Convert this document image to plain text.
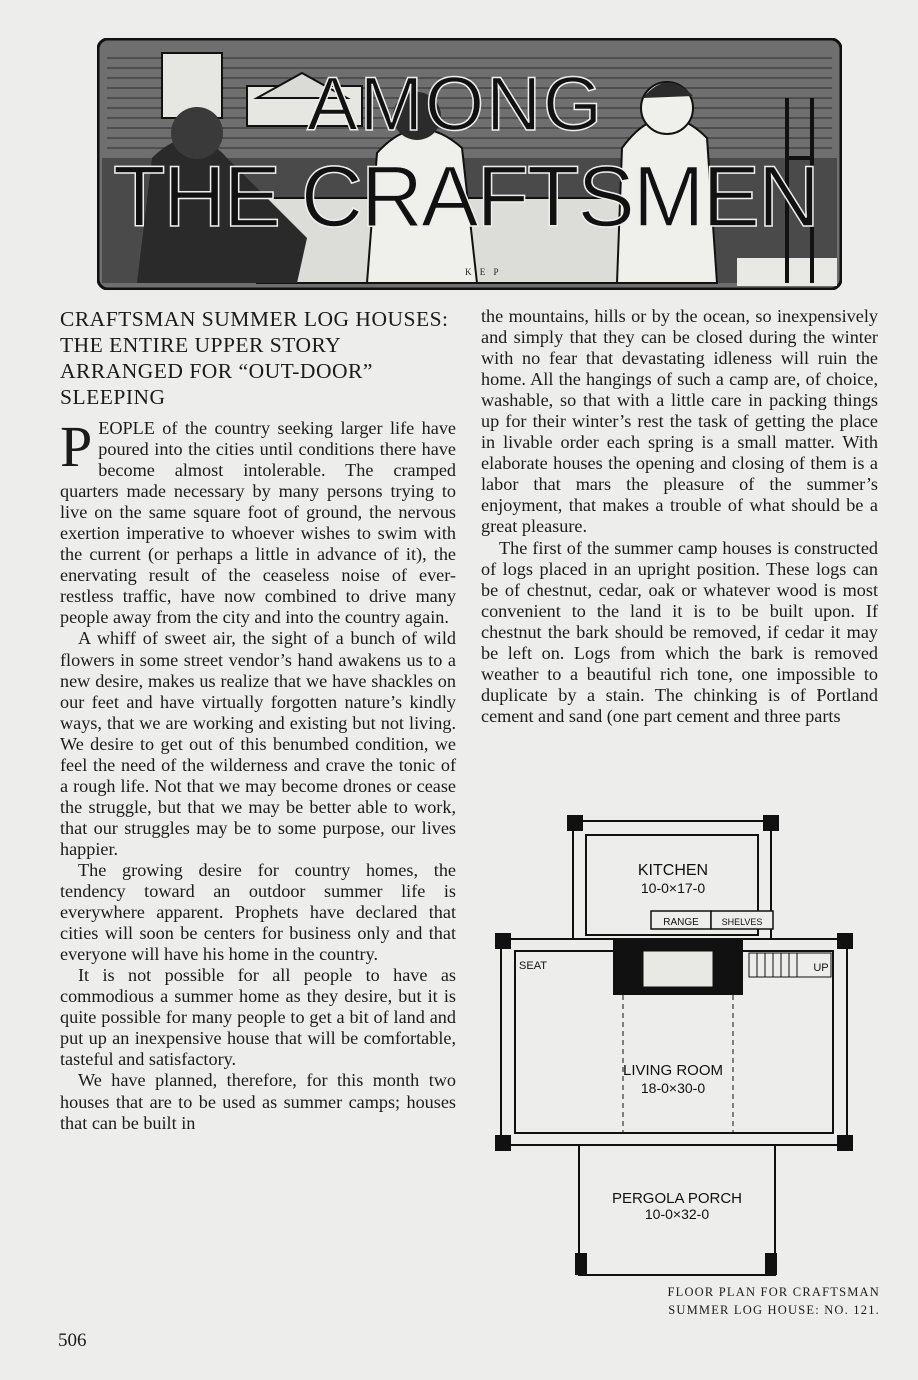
AMONG
THE CRAFTSMEN
K E P
CRAFTSMAN SUMMER LOG HOUSES: THE ENTIRE UPPER STORY ARRANGED FOR “OUT-DOOR” SLEEPING

PEOPLE of the country seeking larger life have poured into the cities until conditions there have become almost intolerable. The cramped quarters made necessary by many persons trying to live on the same square foot of ground, the nervous exertion imperative to whoever wishes to swim with the current (or perhaps a little in advance of it), the enervating result of the ceaseless noise of ever-restless traffic, have now combined to drive many people away from the city and into the country again.

A whiff of sweet air, the sight of a bunch of wild flowers in some street vendor’s hand awakens us to a new desire, makes us realize that we have shackles on our feet and have virtually forgotten nature’s kindly ways, that we are working and existing but not living. We desire to get out of this benumbed condition, we feel the need of the wilderness and crave the tonic of a rough life. Not that we may become drones or cease the struggle, but that we may be better able to work, that our struggles may be to some purpose, our lives happier.

The growing desire for country homes, the tendency toward an outdoor summer life is everywhere apparent. Prophets have declared that cities will soon be centers for business only and that everyone will have his home in the country.

It is not possible for all people to have as commodious a summer home as they desire, but it is quite possible for many people to get a bit of land and put up an inexpensive house that will be comfortable, tasteful and satisfactory.

We have planned, therefore, for this month two houses that are to be used as summer camps; houses that can be built in

the mountains, hills or by the ocean, so inexpensively and simply that they can be closed during the winter with no fear that devastating idleness will ruin the home. All the hangings of such a camp are, of choice, washable, so that with a little care in packing things up for their winter’s rest the task of getting the place in livable order each spring is a small matter. With elaborate houses the opening and closing of them is a labor that mars the pleasure of the summer’s enjoyment, that makes a trouble of what should be a great pleasure.

The first of the summer camp houses is constructed of logs placed in an upright position. These logs can be of chestnut, cedar, oak or whatever wood is most convenient to the land it is to be built upon. If chestnut the bark should be removed, if cedar it may be left on. Logs from which the bark is removed weather to a beautiful rich tone, one impossible to duplicate by a stain. The chinking is of Portland cement and sand (one part cement and three parts

KITCHEN
10-0×17-0
RANGE	SHELVES
SEAT	UP
LIVING ROOM
18-0×30-0
PERGOLA PORCH
10-0×32-0
FLOOR PLAN FOR CRAFTSMAN
SUMMER LOG HOUSE: NO. 121.
506
